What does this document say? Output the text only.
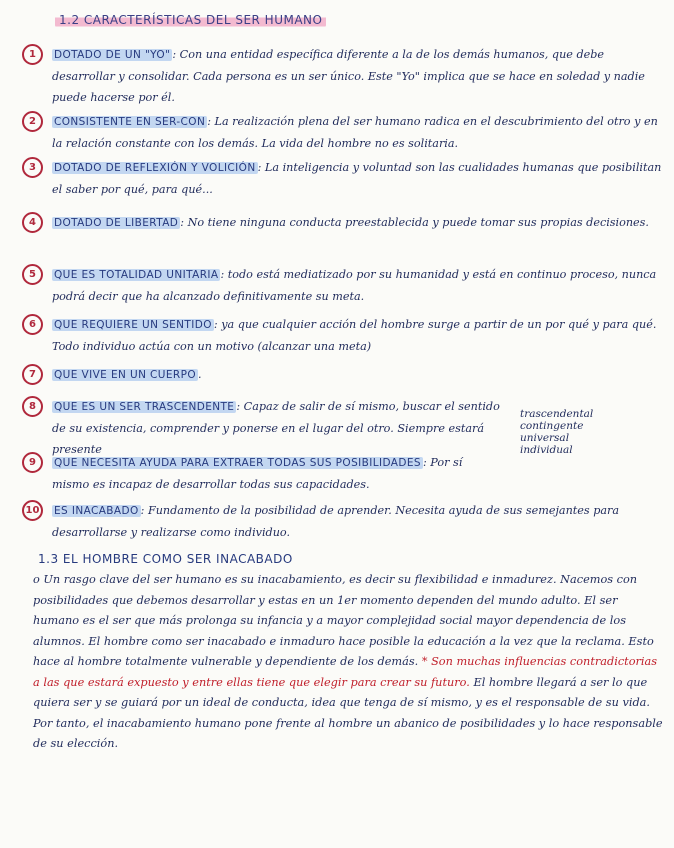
1.2 CARACTERÍSTICAS DEL SER HUMANO
1	DOTADO DE UN "YO" : Con una entidad específica diferente a la de los demás humanos, que debe desarrollar y consolidar. Cada persona es un ser único. Este "Yo" implica que se hace en soledad y nadie puede hacerse por él.
2	CONSISTENTE EN SER-CON : La realización plena del ser humano radica en el descubrimiento del otro y en la relación constante con los demás. La vida del hombre no es solitaria.
3	DOTADO DE REFLEXIÓN Y VOLICIÓN : La inteligencia y voluntad son las cualidades humanas que posibilitan el saber por qué, para qué...
4	DOTADO DE LIBERTAD : No tiene ninguna conducta preestablecida y puede tomar sus propias decisiones.
5	QUE ES TOTALIDAD UNITARIA : todo está mediatizado por su humanidad y está en continuo proceso, nunca podrá decir que ha alcanzado definitivamente su meta.
6	QUE REQUIERE UN SENTIDO : ya que cualquier acción del hombre surge a partir de un por qué y para qué. Todo individuo actúa con un motivo (alcanzar una meta)
7	QUE VIVE EN UN CUERPO .
8	QUE ES UN SER TRASCENDENTE : Capaz de salir de sí mismo, buscar el sentido de su existencia, comprender y ponerse en el lugar del otro. Siempre estará presente
trascendental
contingente
universal
individual
9	QUE NECESITA AYUDA PARA EXTRAER TODAS SUS POSIBILIDADES : Por sí mismo es incapaz de desarrollar todas sus capacidades.
10	ES INACABADO : Fundamento de la posibilidad de aprender. Necesita ayuda de sus semejantes para desarrollarse y realizarse como individuo.
1.3 EL HOMBRE COMO SER INACABADO
o Un rasgo clave del ser humano es su inacabamiento, es decir su flexibilidad e inmadurez. Nacemos con posibilidades que debemos desarrollar y estas en un 1er momento dependen del mundo adulto. El ser humano es el ser que más prolonga su infancia y a mayor complejidad social mayor dependencia de los alumnos. El hombre como ser inacabado e inmaduro hace posible la educación a la vez que la reclama. Esto hace al hombre totalmente vulnerable y dependiente de los demás. * Son muchas influencias contradictorias a las que estará expuesto y entre ellas tiene que elegir para crear su futuro. El hombre llegará a ser lo que quiera ser y se guiará por un ideal de conducta, idea que tenga de sí mismo, y es el responsable de su vida. Por tanto, el inacabamiento humano pone frente al hombre un abanico de posibilidades y lo hace responsable de su elección.
